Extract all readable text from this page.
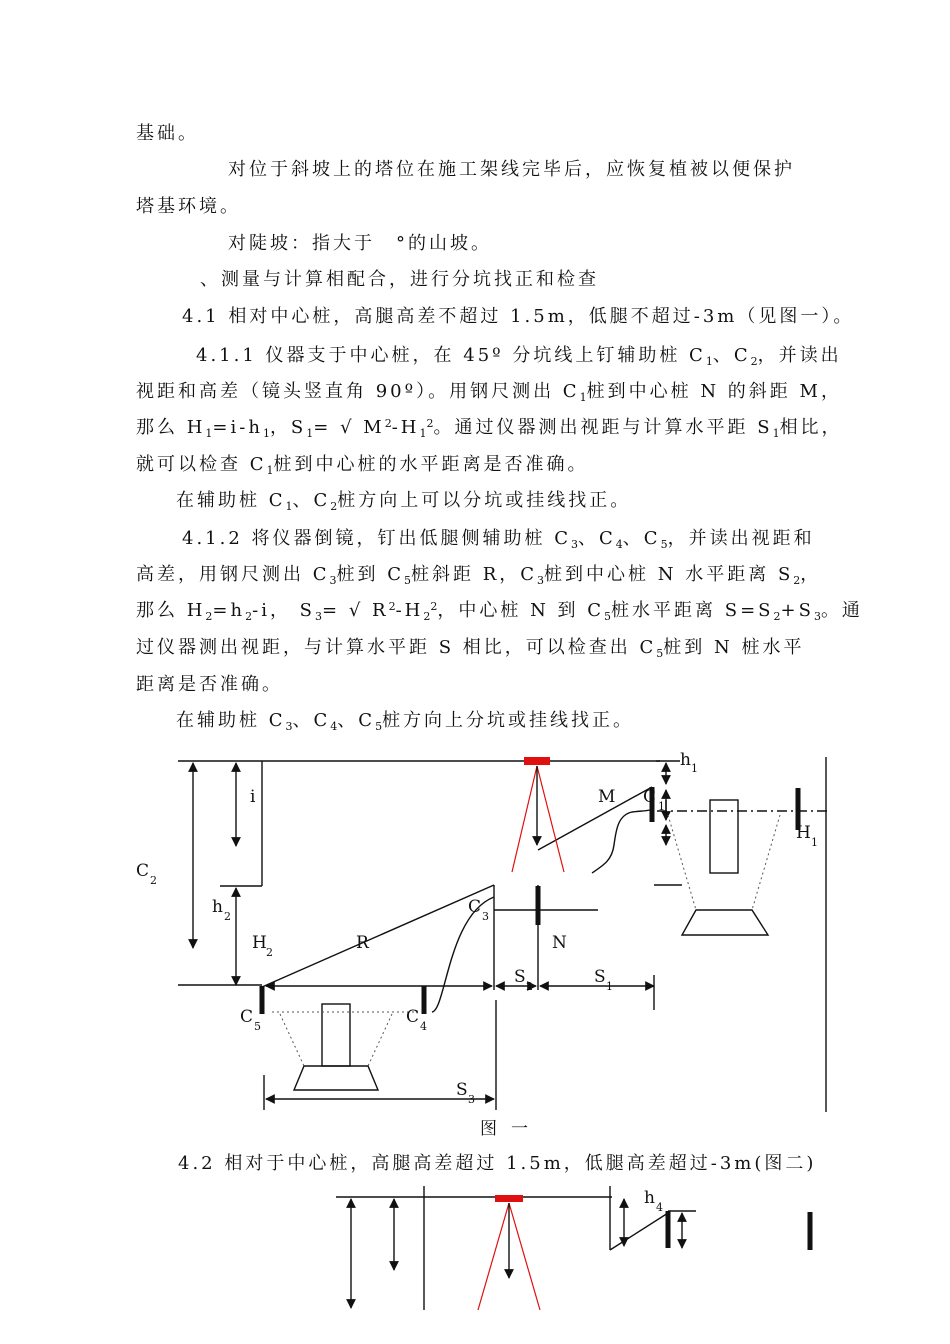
基础。
对位于斜坡上的塔位在施工架线完毕后，应恢复植被以便保护
塔基环境。
对陡坡：指大于　°的山坡。
、测量与计算相配合，进行分坑找正和检查
4.1 相对中心桩，高腿高差不超过 1.5m，低腿不超过-3m（见图一）。
4.1.1 仪器支于中心桩，在 45º 分坑线上钉辅助桩 $C_1$、$C_2$，并读出
视距和高差（镜头竖直角 90º）。用钢尺测出 $C_1$桩到中心桩 N 的斜距 M，
那么 $H_1=i-h_1$，$S_1=$ √ $M^2-H_1^2$。通过仪器测出视距与计算水平距 $S_1$相比，
就可以检查 $C_1$桩到中心桩的水平距离是否准确。
在辅助桩 $C_1$、$C_2$桩方向上可以分坑或挂线找正。
4.1.2 将仪器倒镜，钉出低腿侧辅助桩 $C_3$、$C_4$、$C_5$，并读出视距和
高差，用钢尺测出 $C_3$桩到 $C_5$桩斜距 R，$C_3$桩到中心桩 N 水平距离 $S_2$，
那么 $H_2=h_2-i$， $S_3=$ √ $R^2-H_2^2$，中心桩 N 到 $C_5$桩水平距离 $S=S_2+S_3$。通
过仪器测出视距，与计算水平距 S 相比，可以检查出 $C_5$桩到 N 桩水平
距离是否准确。
在辅助桩 $C_3$、$C_4$、$C_5$桩方向上分坑或挂线找正。
h 1
i	M C 1
H 1
C 2
h 2	C 3
H 2	R	N
S 2	S 1
C 5	C 4
S 3
图一
4.2 相对于中心桩，高腿高差超过 1.5m，低腿高差超过-3m(图二)
h 4
